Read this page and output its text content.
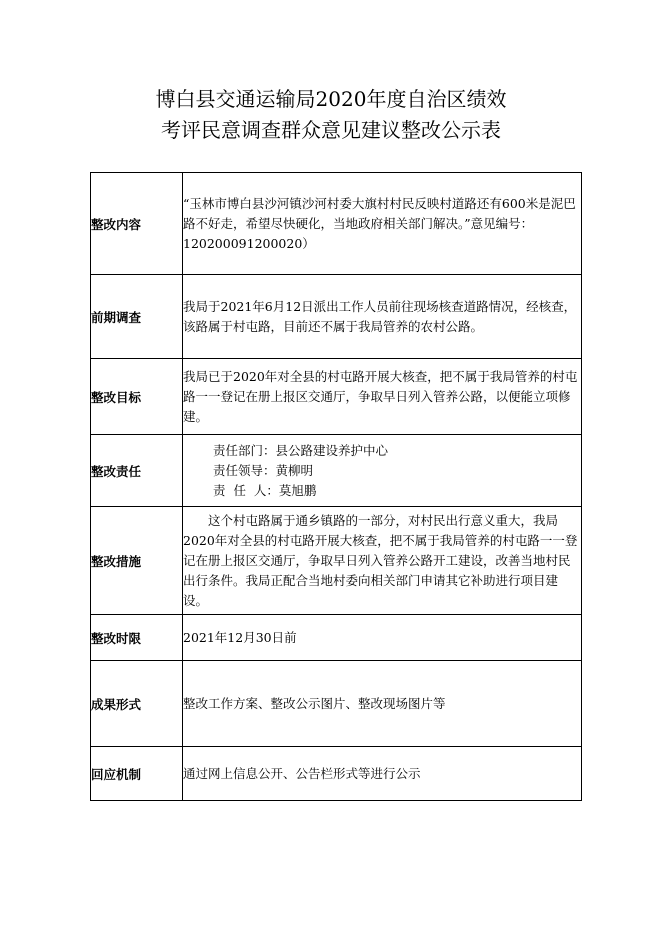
博白县交通运输局2020年度自治区绩效
考评民意调查群众意见建议整改公示表
整改内容	“玉林市博白县沙河镇沙河村委大旗村村民反映村道路还有600米是泥巴路不好走，希望尽快硬化，当地政府相关部门解决。”意见编号：120200091200020）
前期调查	我局于2021年6月12日派出工作人员前往现场核查道路情况，经核查，该路属于村屯路，目前还不属于我局管养的农村公路。
整改目标	我局已于2020年对全县的村屯路开展大核查，把不属于我局管养的村屯路一一登记在册上报区交通厅，争取早日列入管养公路，以便能立项修建。
整改责任	责任部门：县公路建设养护中心
责任领导：黄柳明
责  任  人：莫旭鹏

整改措施	这个村屯路属于通乡镇路的一部分，对村民出行意义重大，我局2020年对全县的村屯路开展大核查，把不属于我局管养的村屯路一一登记在册上报区交通厅，争取早日列入管养公路开工建设，改善当地村民出行条件。我局正配合当地村委向相关部门申请其它补助进行项目建设。
整改时限	2021年12月30日前
成果形式	整改工作方案、整改公示图片、整改现场图片等
回应机制	通过网上信息公开、公告栏形式等进行公示
